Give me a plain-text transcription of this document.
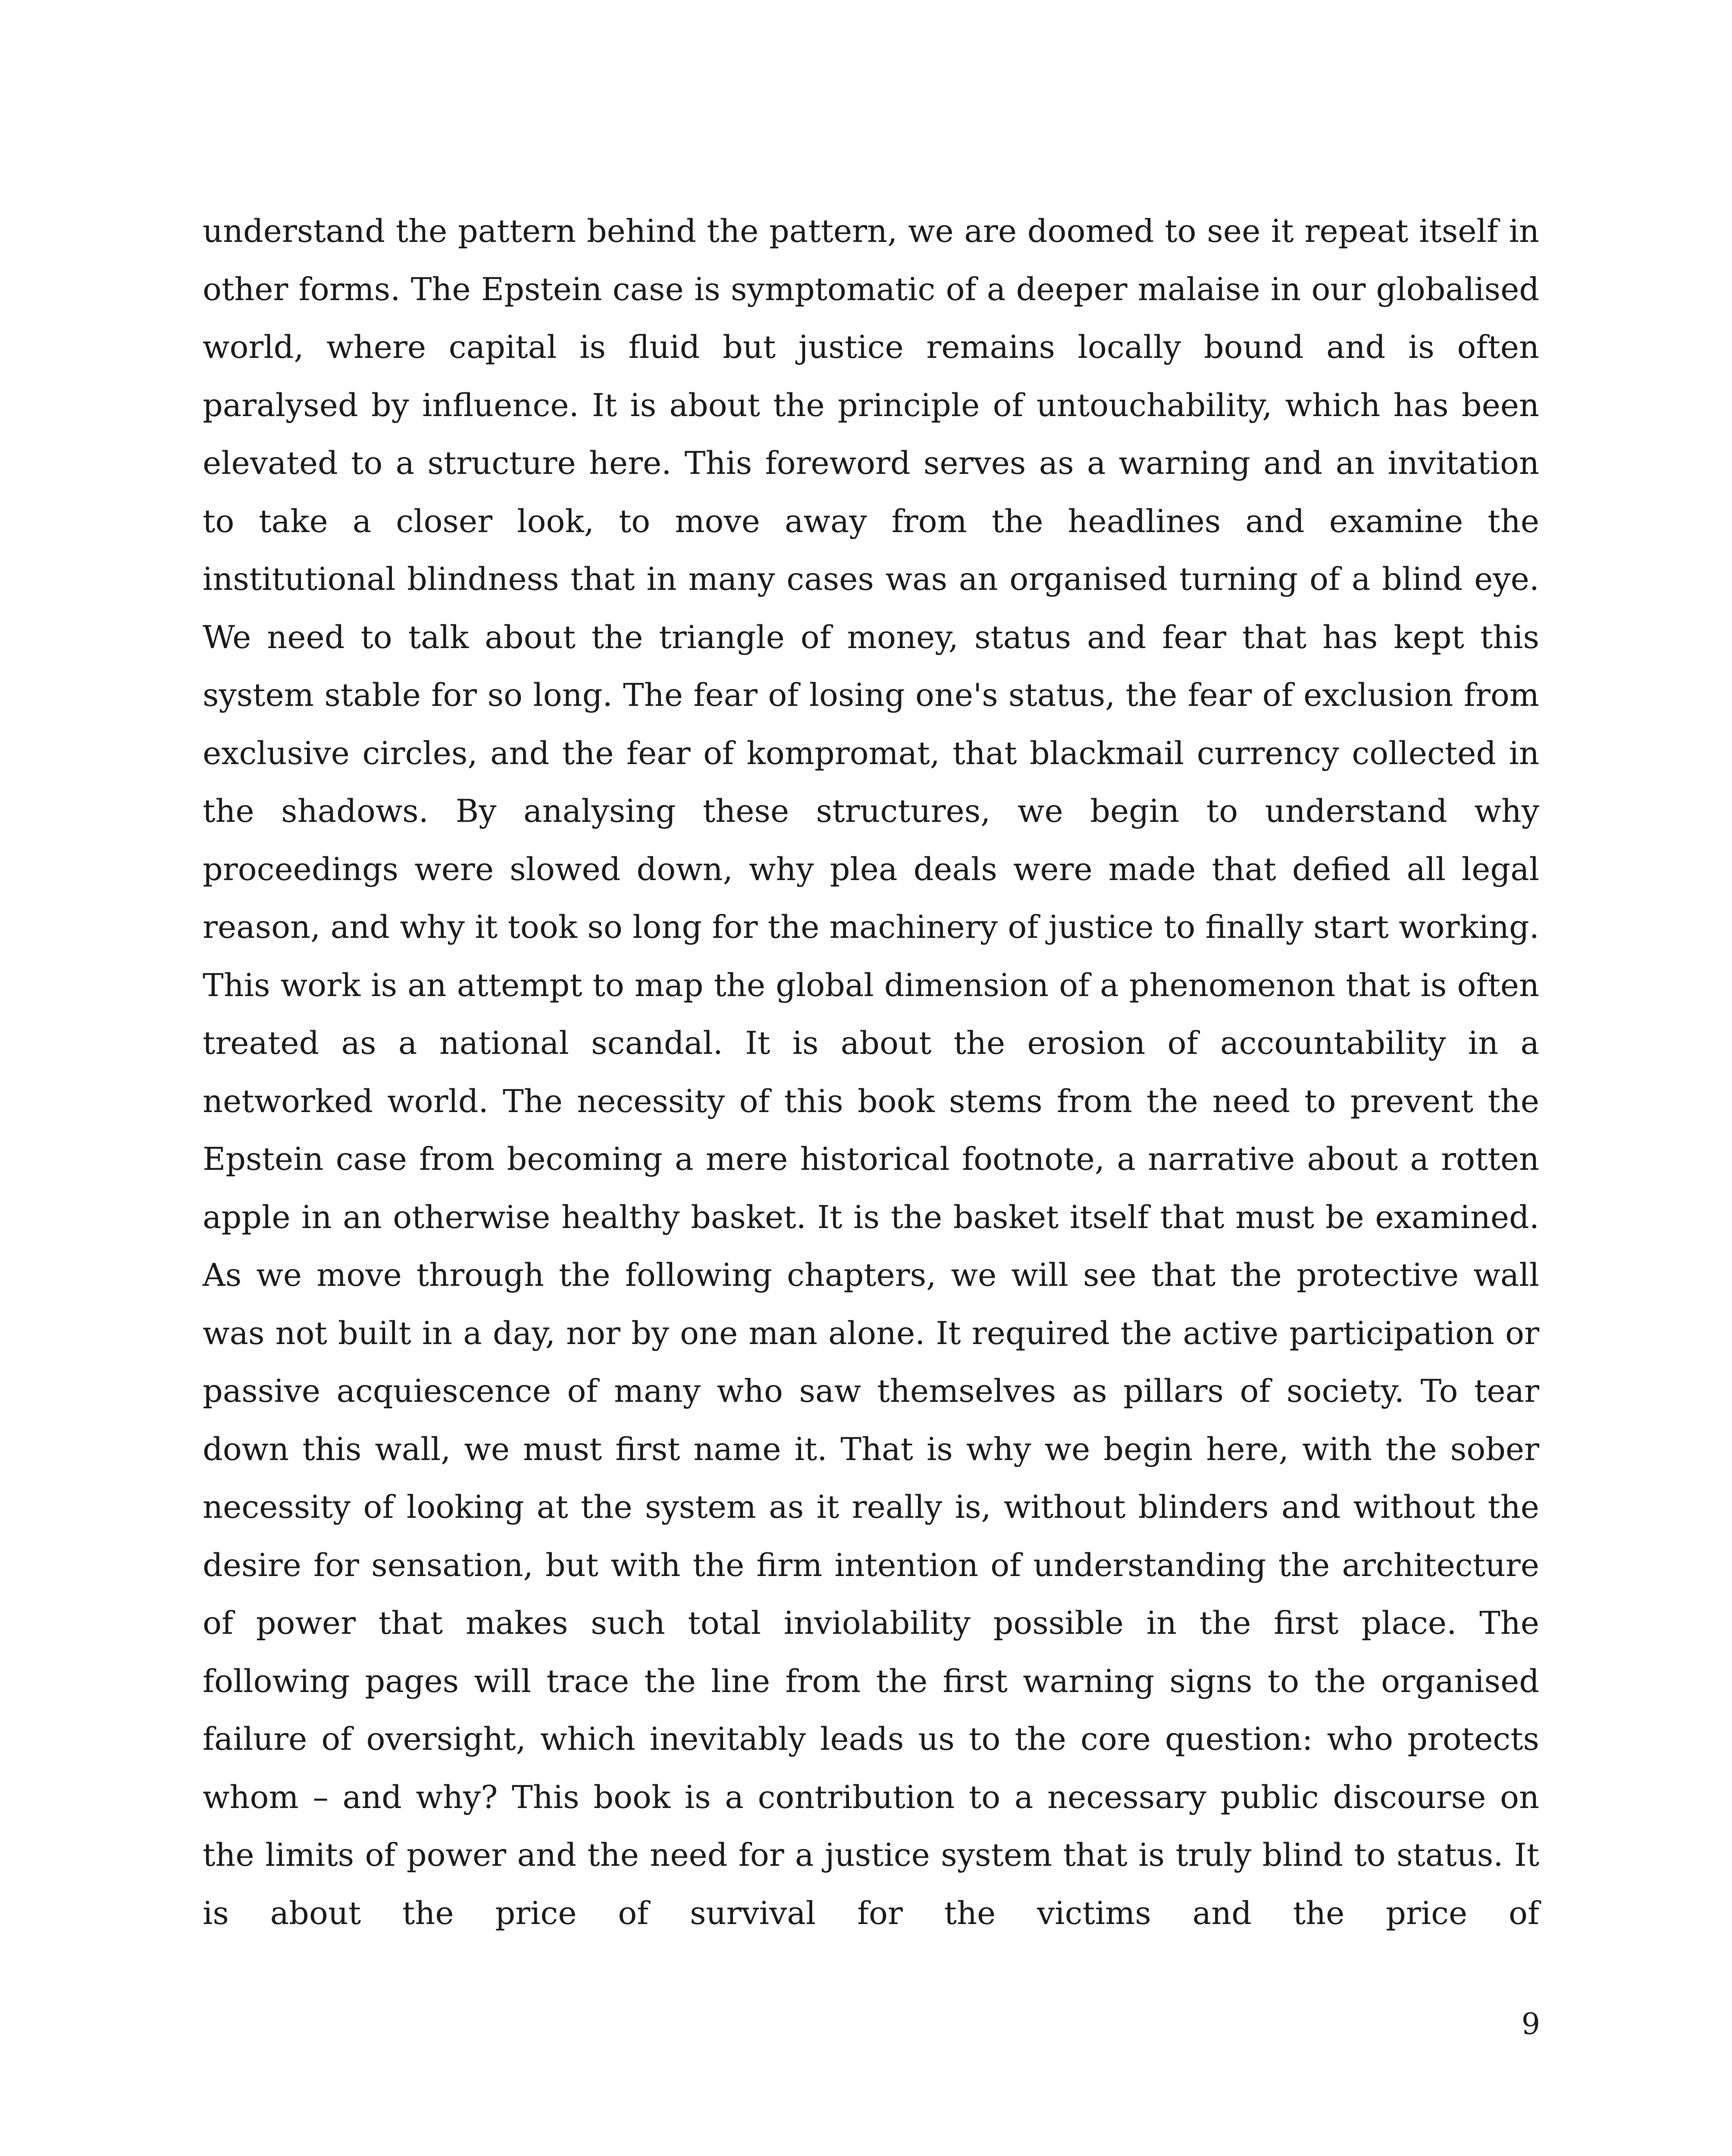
understand the pattern behind the pattern, we are doomed to see it repeat itself in other forms. The Epstein case is symptomatic of a deeper malaise in our globalised world, where capital is fluid but justice remains locally bound and is often paralysed by influence. It is about the principle of untouchability, which has been elevated to a structure here. This foreword serves as a warning and an invitation to take a closer look, to move away from the headlines and examine the institutional blindness that in many cases was an organised turning of a blind eye. We need to talk about the triangle of money, status and fear that has kept this system stable for so long. The fear of losing one's status, the fear of exclusion from exclusive circles, and the fear of kompromat, that blackmail currency collected in the shadows. By analysing these structures, we begin to understand why proceedings were slowed down, why plea deals were made that defied all legal reason, and why it took so long for the machinery of justice to finally start working. This work is an attempt to map the global dimension of a phenomenon that is often treated as a national scandal. It is about the erosion of accountability in a networked world. The necessity of this book stems from the need to prevent the Epstein case from becoming a mere historical footnote, a narrative about a rotten apple in an otherwise healthy basket. It is the basket itself that must be examined. As we move through the following chapters, we will see that the protective wall was not built in a day, nor by one man alone. It required the active participation or passive acquiescence of many who saw themselves as pillars of society. To tear down this wall, we must first name it. That is why we begin here, with the sober necessity of looking at the system as it really is, without blinders and without the desire for sensation, but with the firm intention of understanding the architecture of power that makes such total inviolability possible in the first place. The following pages will trace the line from the first warning signs to the organised failure of oversight, which inevitably leads us to the core question: who protects whom – and why? This book is a contribution to a necessary public discourse on the limits of power and the need for a justice system that is truly blind to status. It is about the price of survival for the victims and the price of

9
